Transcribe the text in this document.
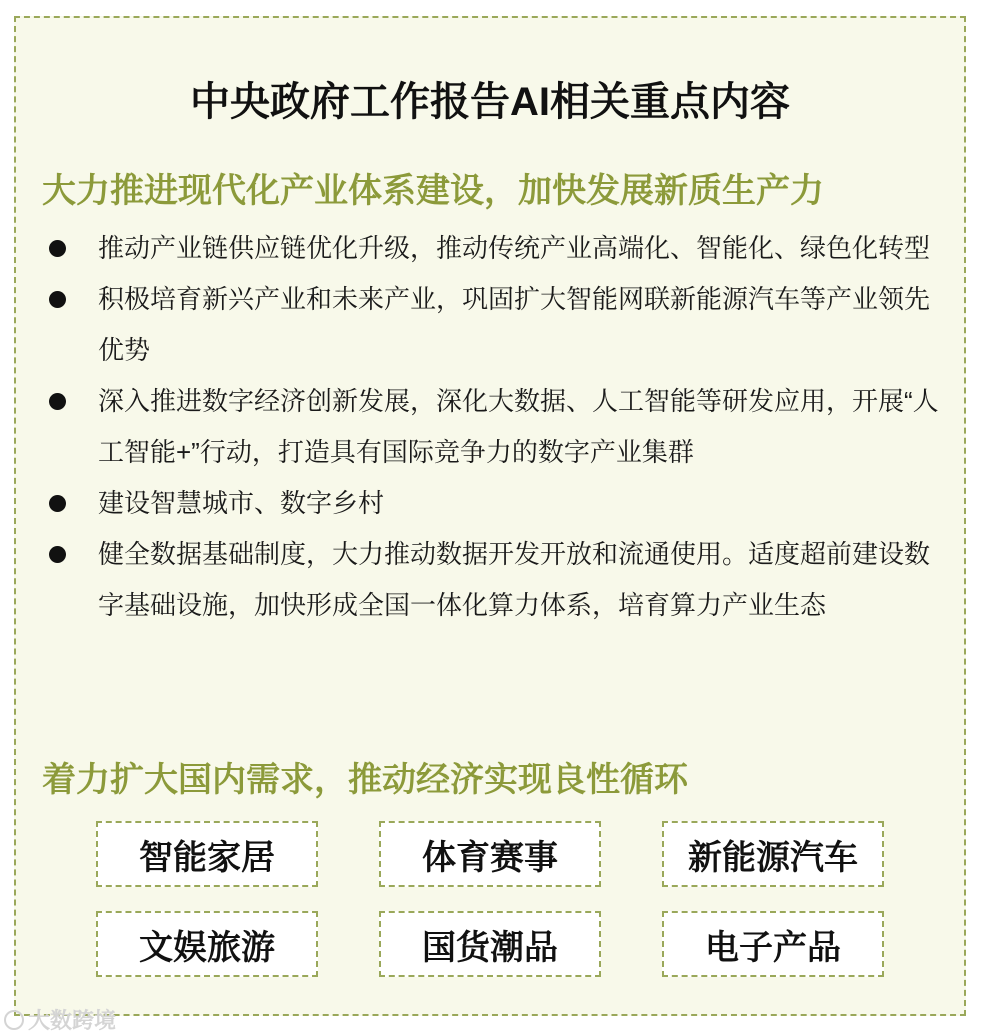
中央政府工作报告AI相关重点内容
大力推进现代化产业体系建设，加快发展新质生产力
推动产业链供应链优化升级，推动传统产业高端化、智能化、绿色化转型
积极培育新兴产业和未来产业，巩固扩大智能网联新能源汽车等产业领先优势
深入推进数字经济创新发展，深化大数据、人工智能等研发应用，开展“人工智能+”行动，打造具有国际竞争力的数字产业集群
建设智慧城市、数字乡村
健全数据基础制度，大力推动数据开发开放和流通使用。适度超前建设数字基础设施，加快形成全国一体化算力体系，培育算力产业生态
着力扩大国内需求，推动经济实现良性循环
智能家居	体育赛事	新能源汽车
文娱旅游	国货潮品	电子产品
大数跨境
